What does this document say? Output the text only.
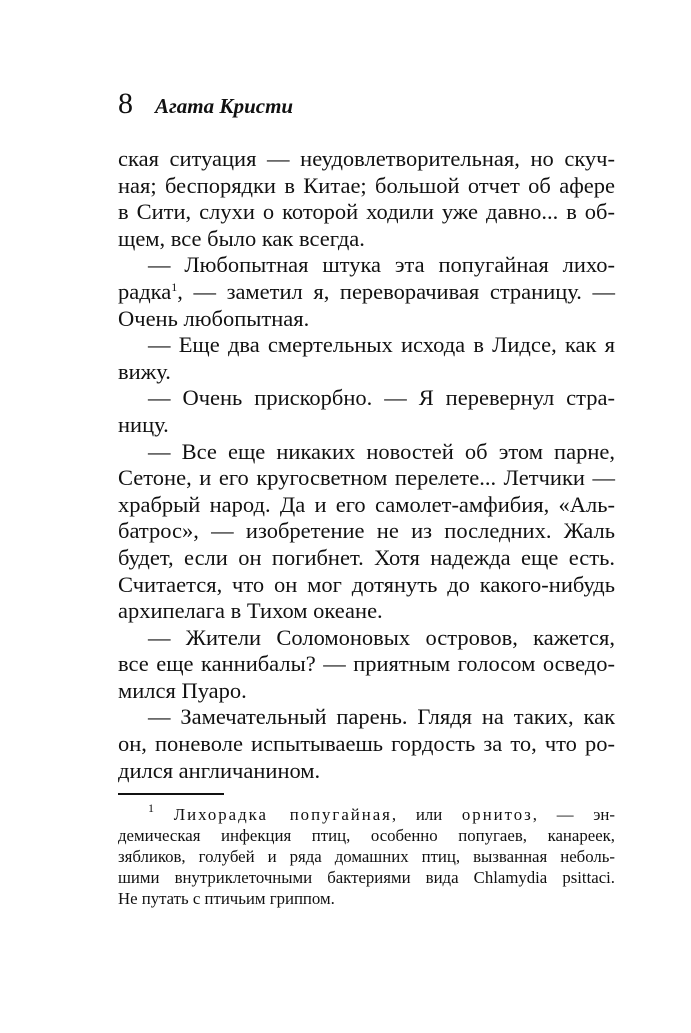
8 Агата Кристи
ская ситуация — неудовлетворительная, но скуч-
ная; беспорядки в Китае; большой отчет об афере
в Сити, слухи о которой ходили уже давно... в об-
щем, все было как всегда.
— Любопытная штука эта попугайная лихо-
радка$^1$, — заметил я, переворачивая страницу. —
Очень любопытная.
— Еще два смертельных исхода в Лидсе, как я
вижу.
— Очень прискорбно. — Я перевернул стра-
ницу.
— Все еще никаких новостей об этом парне,
Сетоне, и его кругосветном перелете... Летчики —
храбрый народ. Да и его самолет-амфибия, «Аль-
батрос», — изобретение не из последних. Жаль
будет, если он погибнет. Хотя надежда еще есть.
Считается, что он мог дотянуть до какого-нибудь
архипелага в Тихом океане.
— Жители Соломоновых островов, кажется,
все еще каннибалы? — приятным голосом осведо-
мился Пуаро.
— Замечательный парень. Глядя на таких, как
он, поневоле испытываешь гордость за то, что ро-
дился англичанином.
$^1$ Лихорадка попугайная, или орнитоз, — эн-
демическая инфекция птиц, особенно попугаев, канареек,
зябликов, голубей и ряда домашних птиц, вызванная неболь-
шими внутриклеточными бактериями вида Chlamydia psittaci.
Не путать с птичьим гриппом.
